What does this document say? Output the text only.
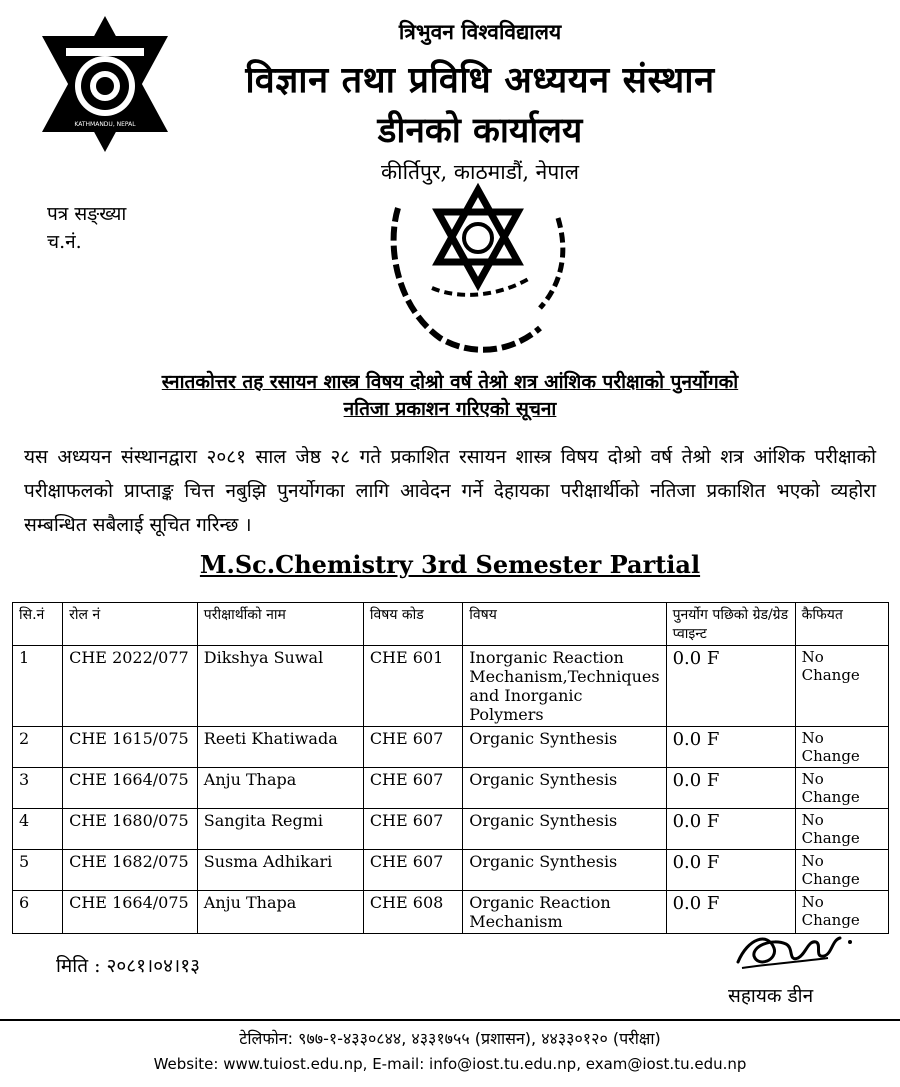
KATHMANDU, NEPAL
त्रिभुवन विश्वविद्यालय
विज्ञान तथा प्रविधि अध्ययन संस्थान
डीनको कार्यालय
कीर्तिपुर, काठमाडौं, नेपाल
पत्र सङ्ख्या
च.नं.
स्नातकोत्तर तह रसायन शास्त्र विषय दोश्रो वर्ष तेश्रो शत्र आंशिक परीक्षाको पुनर्योगको
नतिजा प्रकाशन गरिएको सूचना
यस अध्ययन संस्थानद्वारा २०८१ साल जेष्ठ २८ गते प्रकाशित रसायन शास्त्र विषय दोश्रो वर्ष तेश्रो शत्र आंशिक परीक्षाको परीक्षाफलको प्राप्ताङ्क चित्त नबुझि पुनर्योगका लागि आवेदन गर्ने देहायका परीक्षार्थीको नतिजा प्रकाशित भएको व्यहोरा सम्बन्धित सबैलाई सूचित गरिन्छ ।
M.Sc.Chemistry 3rd Semester Partial
सि.नं	रोल नं	परीक्षार्थीको नाम	विषय कोड	विषय	पुनर्योग पछिको ग्रेड/ग्रेड प्वाइन्ट	कैफियत
1	CHE 2022/077	Dikshya Suwal	CHE 601	Inorganic Reaction Mechanism,Techniques and Inorganic Polymers	0.0 F	No Change
2	CHE 1615/075	Reeti Khatiwada	CHE 607	Organic Synthesis	0.0 F	No Change
3	CHE 1664/075	Anju Thapa	CHE 607	Organic Synthesis	0.0 F	No Change
4	CHE 1680/075	Sangita Regmi	CHE 607	Organic Synthesis	0.0 F	No Change
5	CHE 1682/075	Susma Adhikari	CHE 607	Organic Synthesis	0.0 F	No Change
6	CHE 1664/075	Anju Thapa	CHE 608	Organic Reaction Mechanism	0.0 F	No Change
मिति : २०८१।०४।१३
सहायक डीन
टेलिफोन: ९७७-१-४३३०८४४, ४३३१७५५ (प्रशासन), ४४३३०१२० (परीक्षा)
Website: www.tuiost.edu.np, E-mail: info@iost.tu.edu.np, exam@iost.tu.edu.np
